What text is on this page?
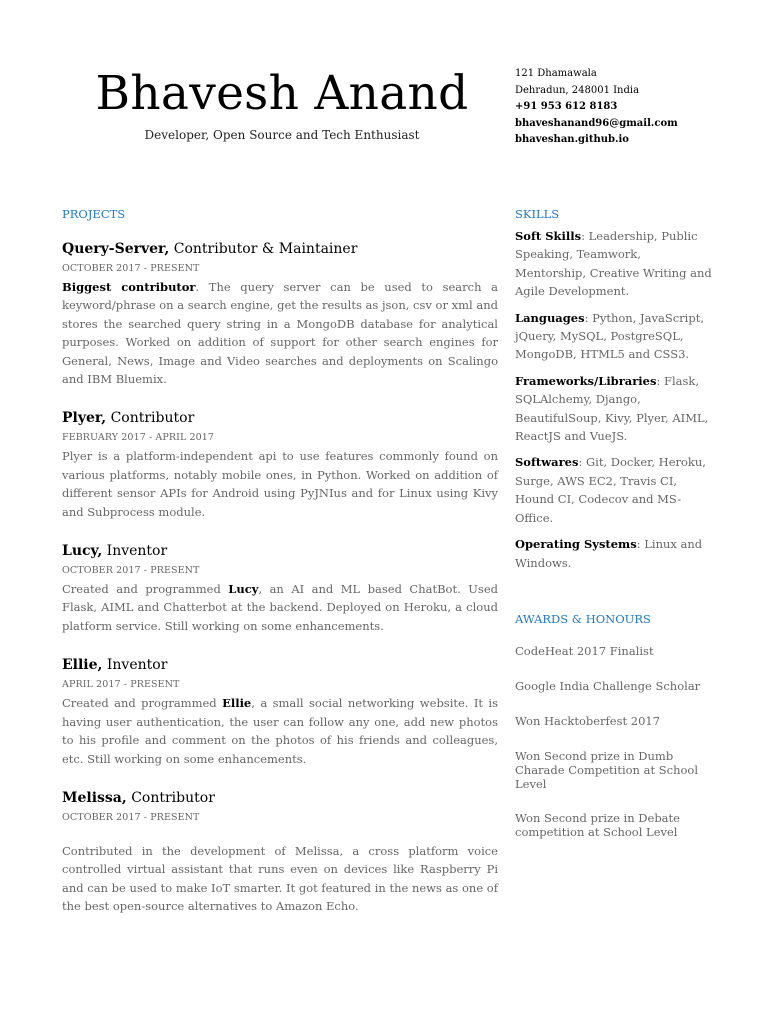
Bhavesh Anand
Developer, Open Source and Tech Enthusiast
121 Dhamawala
Dehradun, 248001 India
+91 953 612 8183
bhaveshanand96@gmail.com
bhaveshan.github.io
PROJECTS
Query-Server, Contributor & Maintainer
OCTOBER 2017 - PRESENT
Biggest contributor. The query server can be used to search a keyword/phrase on a search engine, get the results as json, csv or xml and stores the searched query string in a MongoDB database for analytical purposes. Worked on addition of support for other search engines for General, News, Image and Video searches and deployments on Scalingo and IBM Bluemix.
Plyer, Contributor
FEBRUARY 2017 - APRIL 2017
Plyer is a platform-independent api to use features commonly found on various platforms, notably mobile ones, in Python. Worked on addition of different sensor APIs for Android using PyJNIus and for Linux using Kivy and Subprocess module.
Lucy, Inventor
OCTOBER 2017 - PRESENT
Created and programmed Lucy, an AI and ML based ChatBot. Used Flask, AIML and Chatterbot at the backend. Deployed on Heroku, a cloud platform service. Still working on some enhancements.
Ellie, Inventor
APRIL 2017 - PRESENT
Created and programmed Ellie, a small social networking website. It is having user authentication, the user can follow any one, add new photos to his profile and comment on the photos of his friends and colleagues, etc. Still working on some enhancements.
Melissa, Contributor
OCTOBER 2017 - PRESENT
Contributed in the development of Melissa, a cross platform voice controlled virtual assistant that runs even on devices like Raspberry Pi and can be used to make IoT smarter. It got featured in the news as one of the best open-source alternatives to Amazon Echo.
SKILLS
Soft Skills: Leadership, Public Speaking, Teamwork, Mentorship, Creative Writing and Agile Development.
Languages: Python, JavaScript, jQuery, MySQL, PostgreSQL, MongoDB, HTML5 and CSS3.
Frameworks/Libraries: Flask, SQLAlchemy, Django, BeautifulSoup, Kivy, Plyer, AIML, ReactJS and VueJS.
Softwares: Git, Docker, Heroku, Surge, AWS EC2, Travis CI, Hound CI, Codecov and MS-Office.
Operating Systems: Linux and Windows.
AWARDS & HONOURS
CodeHeat 2017 Finalist
Google India Challenge Scholar
Won Hacktoberfest 2017
Won Second prize in Dumb Charade Competition at School Level
Won Second prize in Debate competition at School Level
